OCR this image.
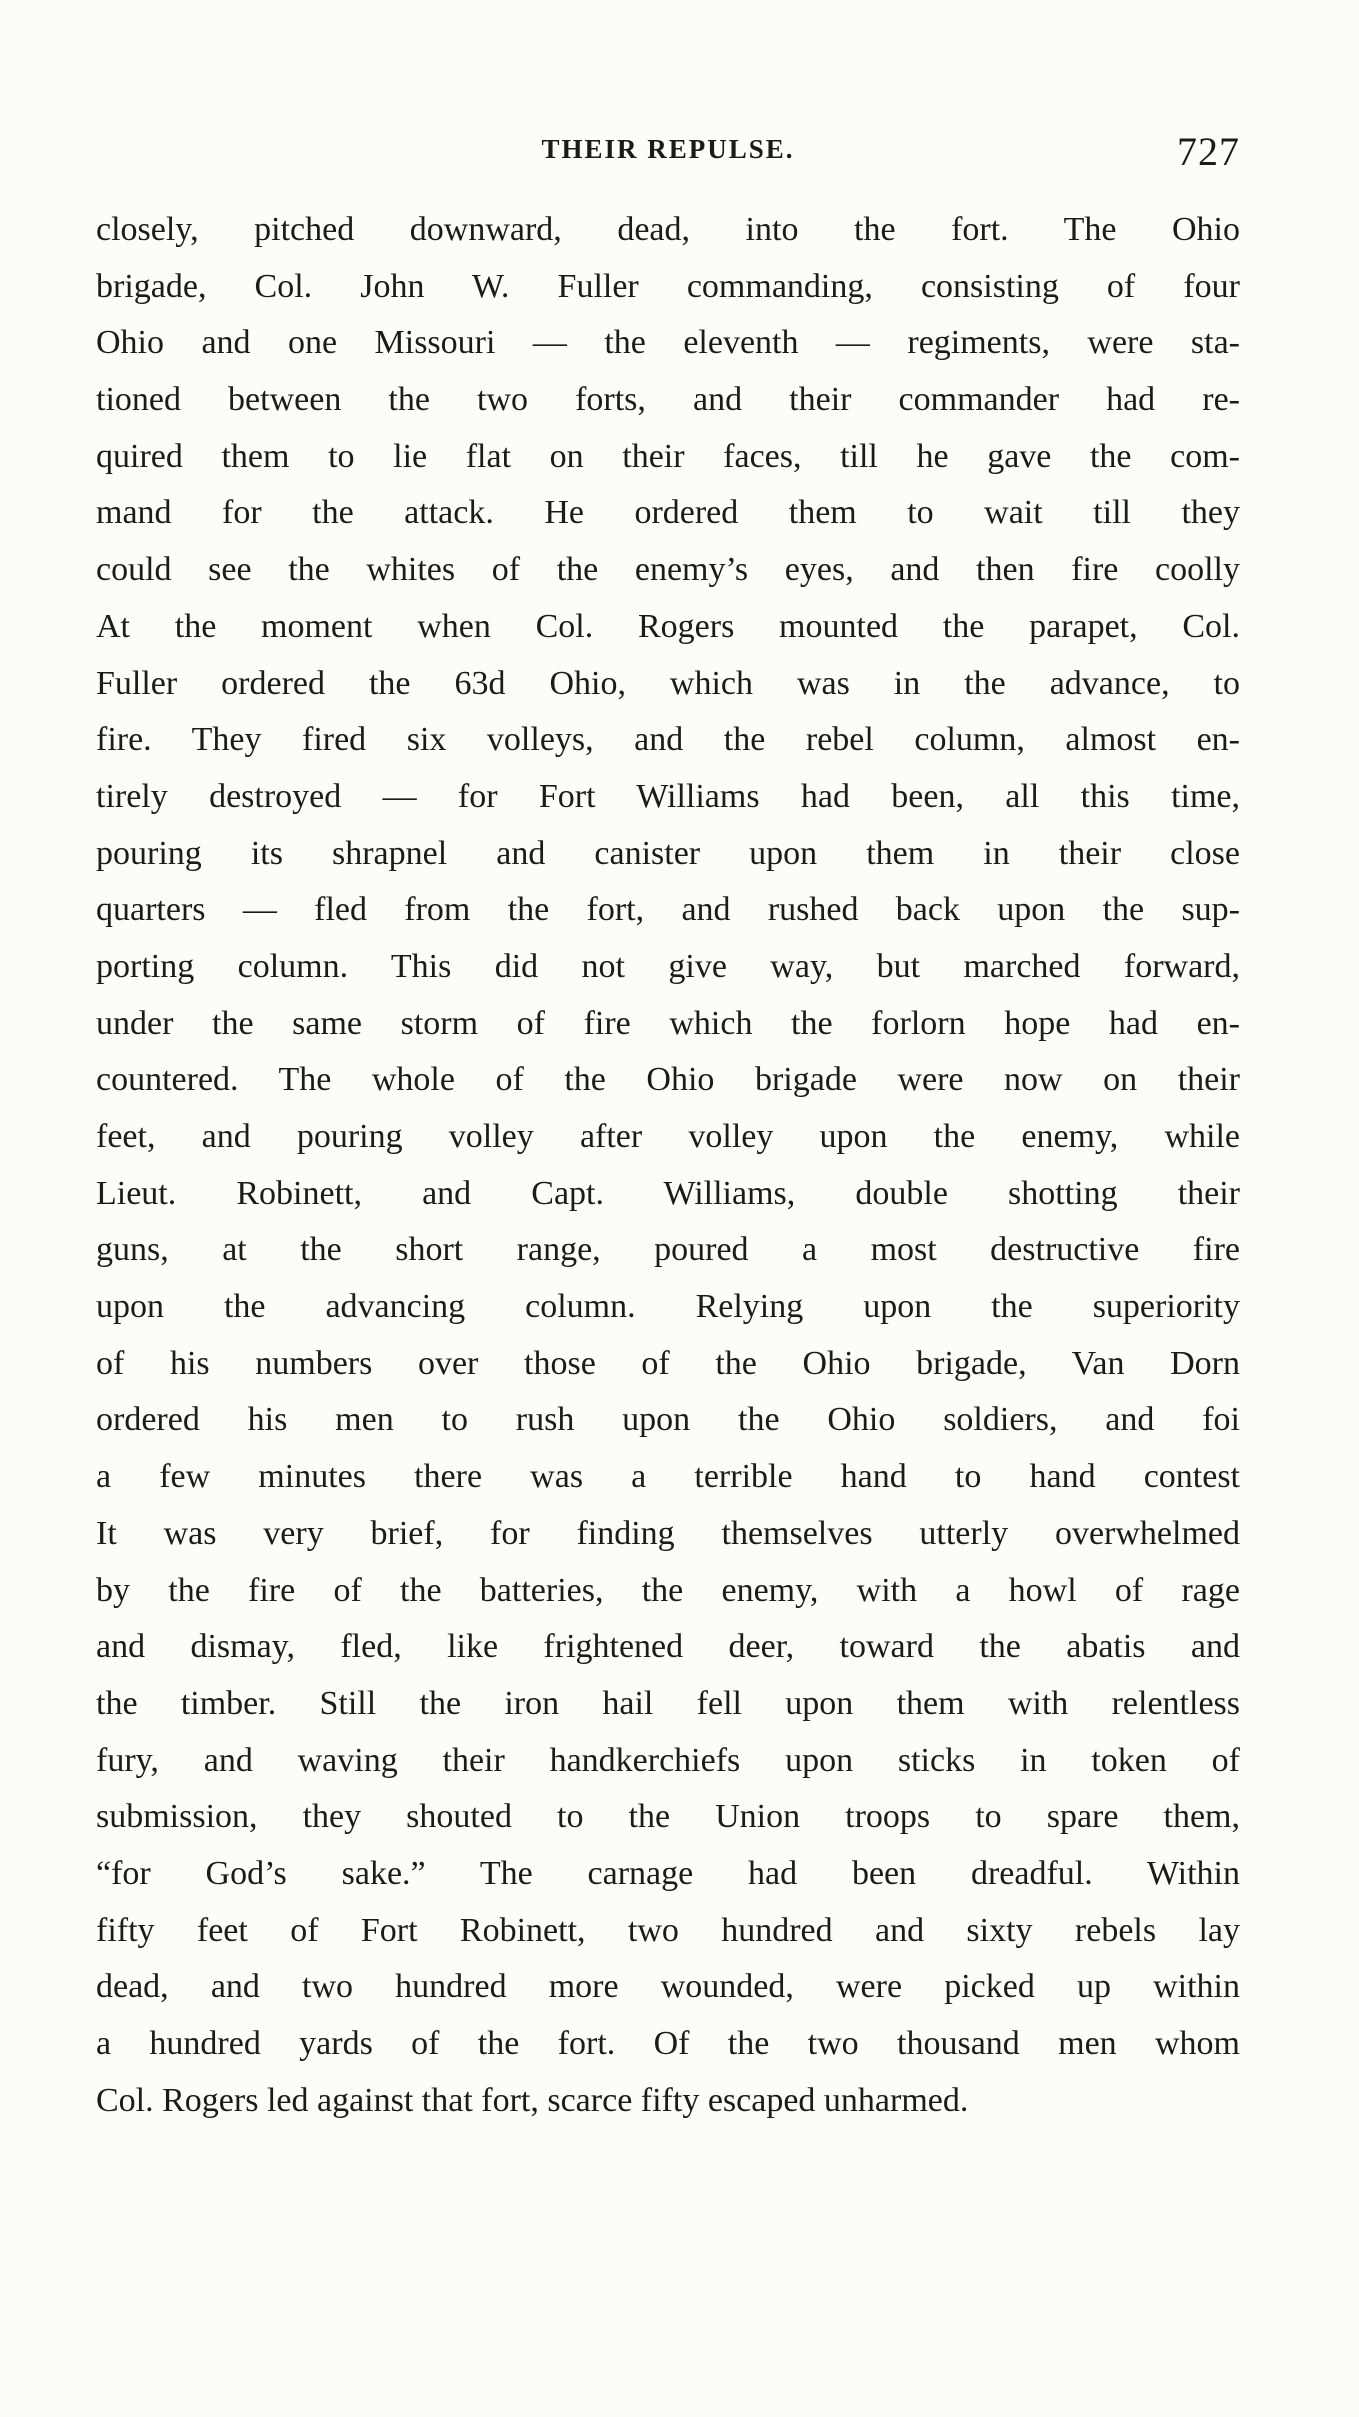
THEIR REPULSE.	727
closely, pitched downward, dead, into the fort. The Ohio
brigade, Col. John W. Fuller commanding, consisting of four
Ohio and one Missouri — the eleventh — regiments, were sta-
tioned between the two forts, and their commander had re-
quired them to lie flat on their faces, till he gave the com-
mand for the attack. He ordered them to wait till they
could see the whites of the enemy’s eyes, and then fire coolly
At the moment when Col. Rogers mounted the parapet, Col.
Fuller ordered the 63d Ohio, which was in the advance, to
fire. They fired six volleys, and the rebel column, almost en-
tirely destroyed — for Fort Williams had been, all this time,
pouring its shrapnel and canister upon them in their close
quarters — fled from the fort, and rushed back upon the sup-
porting column. This did not give way, but marched forward,
under the same storm of fire which the forlorn hope had en-
countered. The whole of the Ohio brigade were now on their
feet, and pouring volley after volley upon the enemy, while
Lieut. Robinett, and Capt. Williams, double shotting their
guns, at the short range, poured a most destructive fire
upon the advancing column. Relying upon the superiority
of his numbers over those of the Ohio brigade, Van Dorn
ordered his men to rush upon the Ohio soldiers, and foi
a few minutes there was a terrible hand to hand contest
It was very brief, for finding themselves utterly overwhelmed
by the fire of the batteries, the enemy, with a howl of rage
and dismay, fled, like frightened deer, toward the abatis and
the timber. Still the iron hail fell upon them with relentless
fury, and waving their handkerchiefs upon sticks in token of
submission, they shouted to the Union troops to spare them,
“for God’s sake.” The carnage had been dreadful. Within
fifty feet of Fort Robinett, two hundred and sixty rebels lay
dead, and two hundred more wounded, were picked up within
a hundred yards of the fort. Of the two thousand men whom
Col. Rogers led against that fort, scarce fifty escaped unharmed.
